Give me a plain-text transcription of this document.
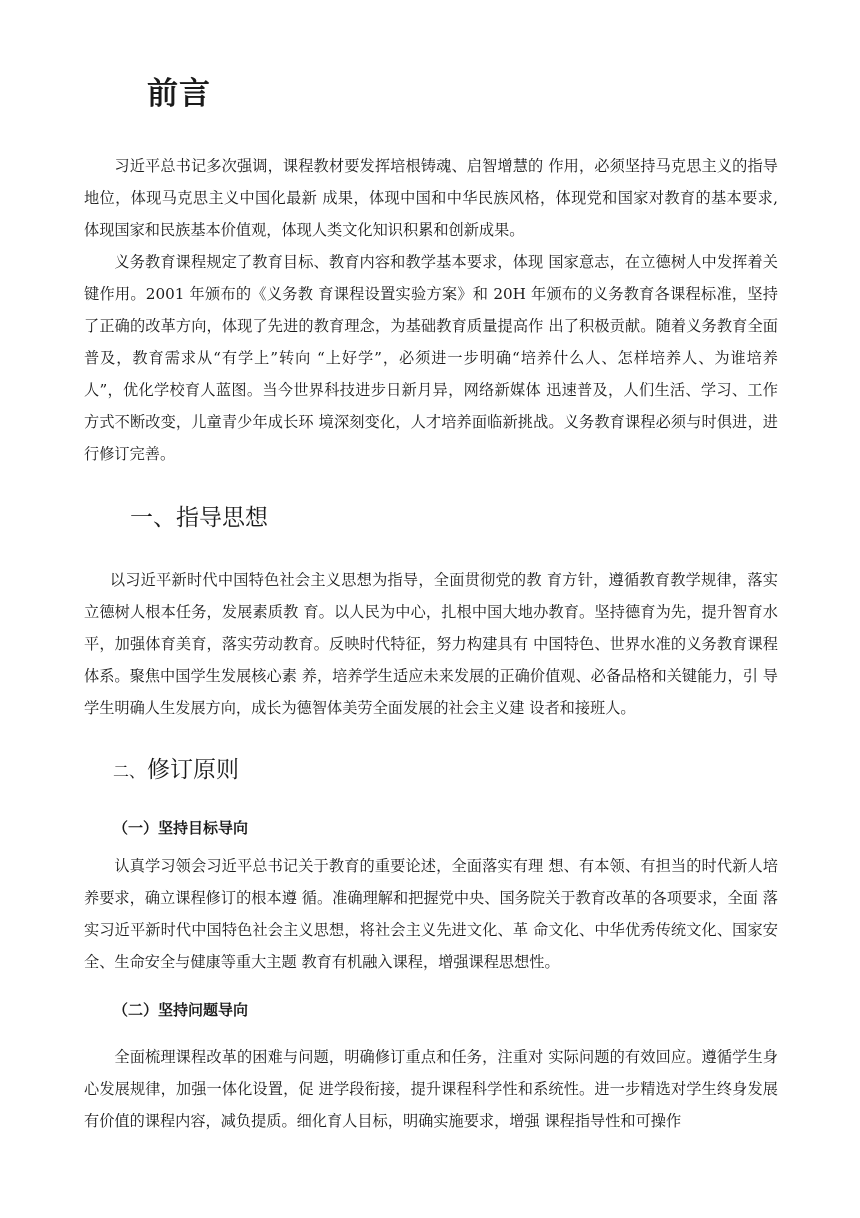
前言

习近平总书记多次强调，课程教材要发挥培根铸魂、启智增慧的 作用，必须坚持马克思主义的指导地位，体现马克思主义中国化最新 成果，体现中国和中华民族风格，体现党和国家对教育的基本要求, 体现国家和民族基本价值观，体现人类文化知识积累和创新成果。

义务教育课程规定了教育目标、教育内容和教学基本要求，体现 国家意志，在立德树人中发挥着关键作用。2001 年颁布的《义务教 育课程设置实验方案》和 20H 年颁布的义务教育各课程标准，坚持 了正确的改革方向，体现了先进的教育理念，为基础教育质量提高作 出了积极贡献。随着义务教育全面普及，教育需求从“有学上”转向 “上好学”，必须进一步明确“培养什么人、怎样培养人、为谁培养 人”，优化学校育人蓝图。当今世界科技进步日新月异，网络新媒体 迅速普及，人们生活、学习、工作方式不断改变，儿童青少年成长环 境深刻变化，人才培养面临新挑战。义务教育课程必须与时俱进，进 行修订完善。

一、指导思想

以习近平新时代中国特色社会主义思想为指导，全面贯彻党的教 育方针，遵循教育教学规律，落实立德树人根本任务，发展素质教 育。以人民为中心，扎根中国大地办教育。坚持德育为先，提升智育水平，加强体育美育，落实劳动教育。反映时代特征，努力构建具有 中国特色、世界水准的义务教育课程体系。聚焦中国学生发展核心素 养，培养学生适应未来发展的正确价值观、必备品格和关键能力，引 导学生明确人生发展方向，成长为德智体美劳全面发展的社会主义建 设者和接班人。

二、修订原则
（一）坚持目标导向

认真学习领会习近平总书记关于教育的重要论述，全面落实有理 想、有本领、有担当的时代新人培养要求，确立课程修订的根本遵 循。准确理解和把握党中央、国务院关于教育改革的各项要求，全面 落实习近平新时代中国特色社会主义思想，将社会主义先进文化、革 命文化、中华优秀传统文化、国家安全、生命安全与健康等重大主题 教育有机融入课程，增强课程思想性。

（二）坚持问题导向

全面梳理课程改革的困难与问题，明确修订重点和任务，注重对 实际问题的有效回应。遵循学生身心发展规律，加强一体化设置，促 进学段衔接，提升课程科学性和系统性。进一步精选对学生终身发展 有价值的课程内容，减负提质。细化育人目标，明确实施要求，增强 课程指导性和可操作
